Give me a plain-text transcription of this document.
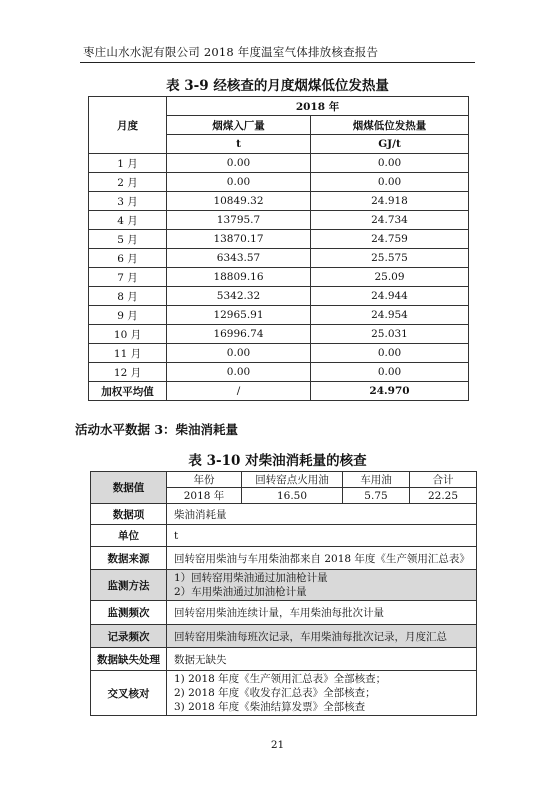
枣庄山水水泥有限公司 2018 年度温室气体排放核查报告
表 3-9 经核查的月度烟煤低位发热量
月度	2018 年	
	烟煤入厂量	烟煤低位发热量
	t	GJ/t
1 月	0.00	0.00
2 月	0.00	0.00
3 月	10849.32	24.918
4 月	13795.7	24.734
5 月	13870.17	24.759
6 月	6343.57	25.575
7 月	18809.16	25.09
8 月	5342.32	24.944
9 月	12965.91	24.954
10 月	16996.74	25.031
11 月	0.00	0.00
12 月	0.00	0.00
加权平均值	/	24.970
活动水平数据 3：柴油消耗量
表 3-10 对柴油消耗量的核查
数据值	年份	回转窑点火用油	车用油	合计
	2018 年	16.50	5.75	22.25
数据项	柴油消耗量			
单位	t			
数据来源	回转窑用柴油与车用柴油都来自 2018 年度《生产领用汇总表》			
监测方法	1）回转窑用柴油通过加油枪计量
2）车用柴油通过加油枪计量			

监测频次	回转窑用柴油连续计量，车用柴油每批次计量			
记录频次	回转窑用柴油每班次记录，车用柴油每批次记录，月度汇总			
数据缺失处理	数据无缺失			
交叉核对	1) 2018 年度《生产领用汇总表》全部核查；
2) 2018 年度《收发存汇总表》全部核查；
3) 2018 年度《柴油结算发票》全部核查			
21
